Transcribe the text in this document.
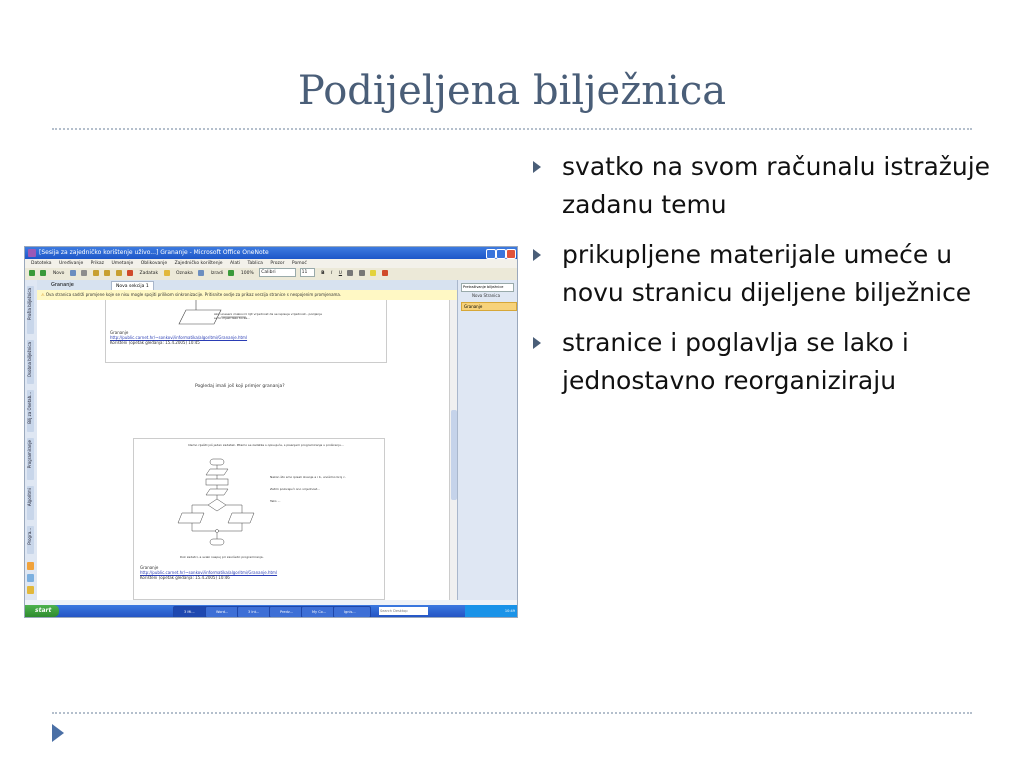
Podijeljena bilježnica
svatko na svom računalu istražuje zadanu temu
prikupljene materijale umeće u novu stranicu dijeljene bilježnice
stranice i poglavlja se lako i jednostavno reorganiziraju
[Sesija za zajedničko korištenje uživo...] Grananje - Microsoft Office OneNote
Datoteka Uređivanje Prikaz Umetanje Oblikovanje Zajedničko korištenje Alati Tablica Prozor Pomoć
Novo	Zadatak	Oznaka	Izradi	100% Calibri	11	B I U
Prošla bilježnica
Osobna bilježnica
Bilj za Onetab...
Programiranje
Algoritmi
Progra...
Grananje	Nova sekcija 1
⚠ Ova stranica sadrži promjene koje se nisu mogle spojiti prilikom sinkronizacije. Pritisnite ovdje za prikaz verzija stranice s nespojenim promjenama.
Ako uneseni znakovi li lijit vrijednost da se ispisuje vrijednost.. pozijanje se to mjest tako tocke...
Grananje
http://public.carnet.hr/~sonkovi/informatika/algoritmi/Grananje.html
Korišteni (opetak gledanja: 15.4.2005) 10:45
Pogledaj imali još koji primjer grananja?
Idemo riješiti još jedan zadatak. Pitamo se zadatke s opisujuće, s pisanjem programiranja u proširenju...
Nakon što smo ipisali izvanje a i b, unošimo broj c.
Zatim pozivajući ono vrijednost...
Tako ...
Dok zadatci, a svaki naspuj pri završetci programiranja.
Grananje
http://public.carnet.hr/~sonkovi/informatika/algoritmi/Grananje.html
Korišteni (opetak gledanja: 15.4.2005) 10:46
Pretraživanje bilježnice
Nova Stranica
Grananje
start	3 Mi...	Word...	3 Int...	Predv...	My Co...	Ignis...	Search Desktop	10:49
